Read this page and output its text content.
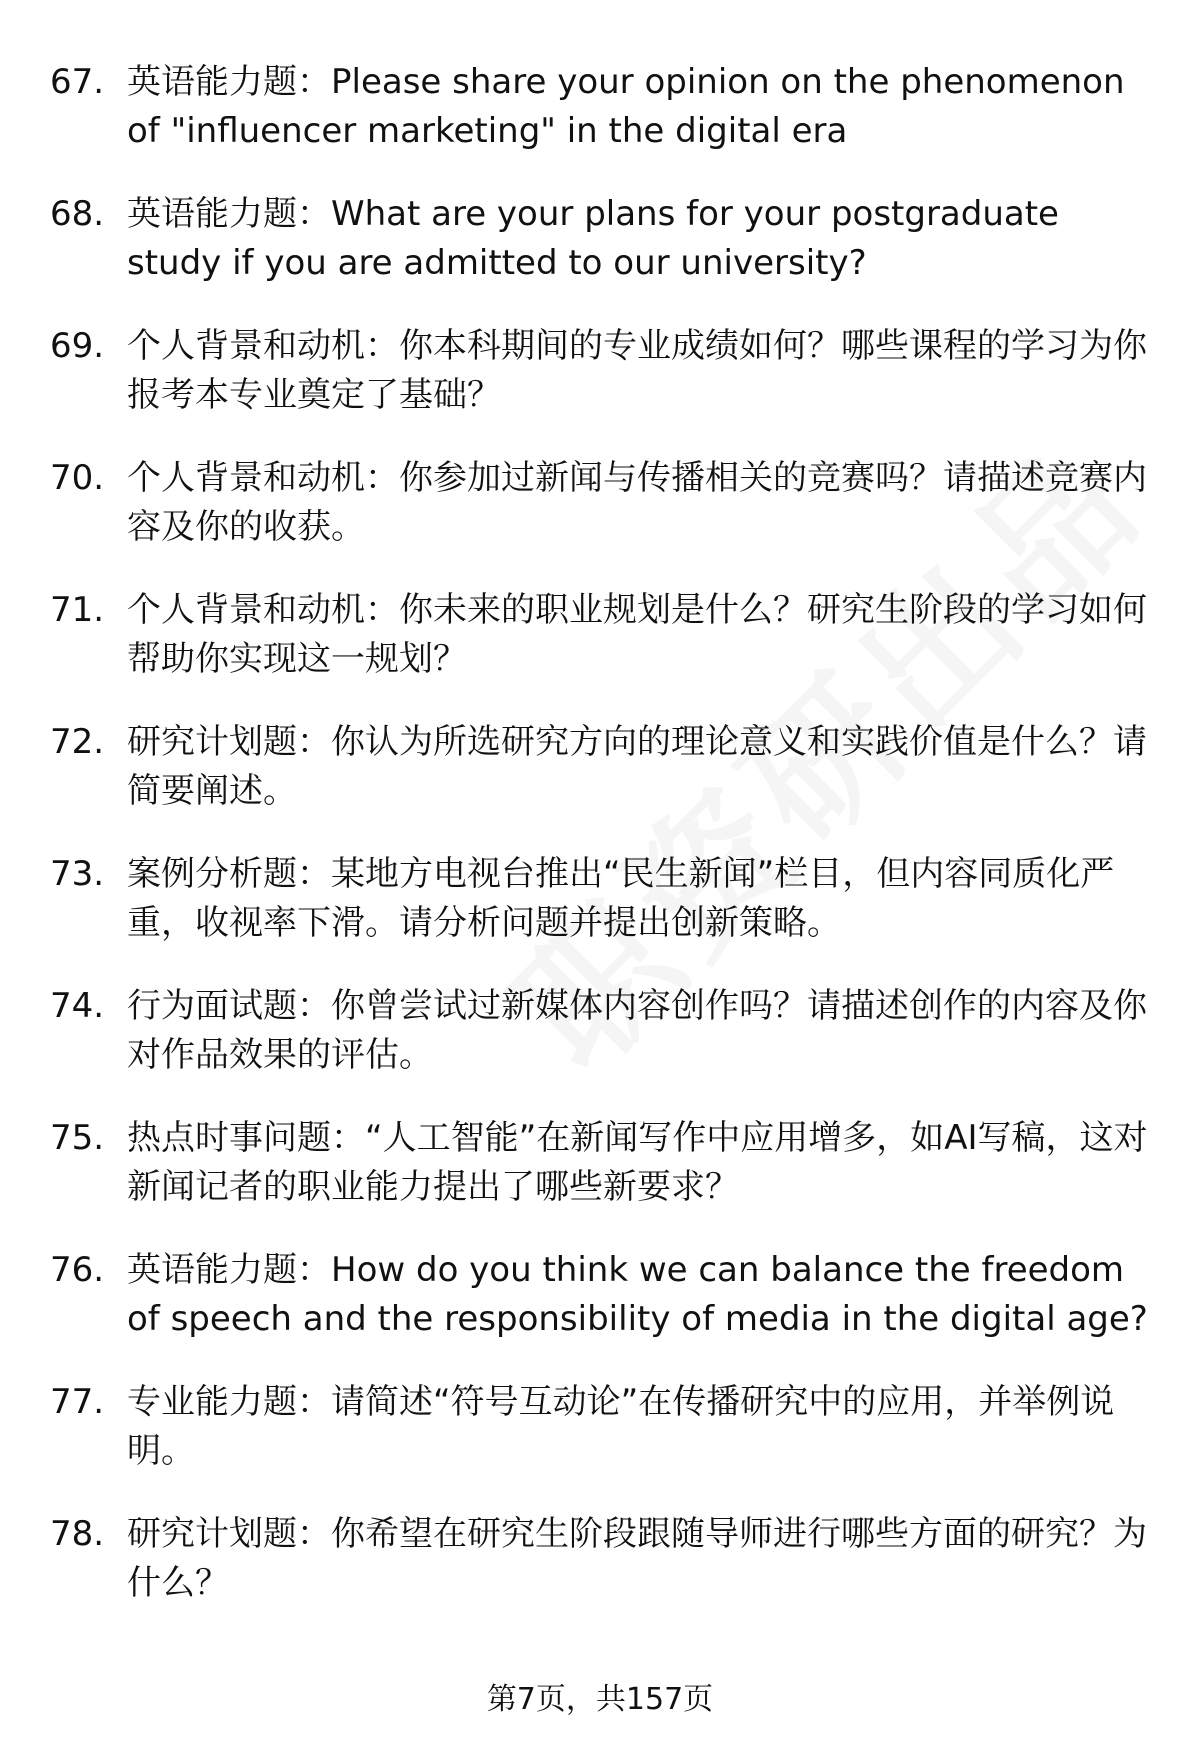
67. 英语能力题：Please share your opinion on the phenomenon of "influencer marketing" in the digital era
68. 英语能力题：What are your plans for your postgraduate study if you are admitted to our university?
69. 个人背景和动机：你本科期间的专业成绩如何？哪些课程的学习为你报考本专业奠定了基础？
70. 个人背景和动机：你参加过新闻与传播相关的竞赛吗？请描述竞赛内容及你的收获。
71. 个人背景和动机：你未来的职业规划是什么？研究生阶段的学习如何帮助你实现这一规划？
72. 研究计划题：你认为所选研究方向的理论意义和实践价值是什么？请简要阐述。
73. 案例分析题：某地方电视台推出“民生新闻”栏目，但内容同质化严重，收视率下滑。请分析问题并提出创新策略。
74. 行为面试题：你曾尝试过新媒体内容创作吗？请描述创作的内容及你对作品效果的评估。
75. 热点时事问题：“人工智能”在新闻写作中应用增多，如AI写稿，这对新闻记者的职业能力提出了哪些新要求？
76. 英语能力题：How do you think we can balance the freedom of speech and the responsibility of media in the digital age?
77. 专业能力题：请简述“符号互动论”在传播研究中的应用，并举例说明。
78. 研究计划题：你希望在研究生阶段跟随导师进行哪些方面的研究？为什么？
第7页，共157页
